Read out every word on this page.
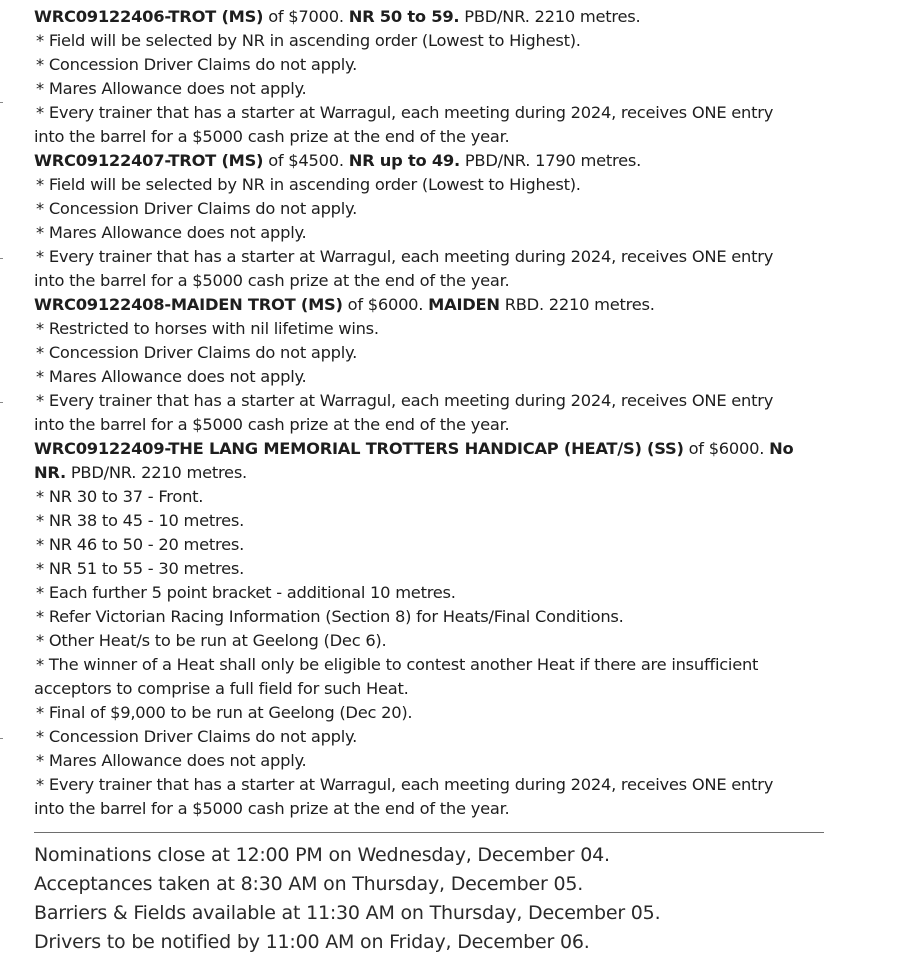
WRC09122406-TROT (MS) of $7000. NR 50 to 59. PBD/NR. 2210 metres.
* Field will be selected by NR in ascending order (Lowest to Highest).
* Concession Driver Claims do not apply.
* Mares Allowance does not apply.
* Every trainer that has a starter at Warragul, each meeting during 2024, receives ONE entry
into the barrel for a $5000 cash prize at the end of the year.
WRC09122407-TROT (MS) of $4500. NR up to 49. PBD/NR. 1790 metres.
* Field will be selected by NR in ascending order (Lowest to Highest).
* Concession Driver Claims do not apply.
* Mares Allowance does not apply.
* Every trainer that has a starter at Warragul, each meeting during 2024, receives ONE entry
into the barrel for a $5000 cash prize at the end of the year.
WRC09122408-MAIDEN TROT (MS) of $6000. MAIDEN RBD. 2210 metres.
* Restricted to horses with nil lifetime wins.
* Concession Driver Claims do not apply.
* Mares Allowance does not apply.
* Every trainer that has a starter at Warragul, each meeting during 2024, receives ONE entry
into the barrel for a $5000 cash prize at the end of the year.
WRC09122409-THE LANG MEMORIAL TROTTERS HANDICAP (HEAT/S) (SS) of $6000. No
NR. PBD/NR. 2210 metres.
* NR 30 to 37 - Front.
* NR 38 to 45 - 10 metres.
* NR 46 to 50 - 20 metres.
* NR 51 to 55 - 30 metres.
* Each further 5 point bracket - additional 10 metres.
* Refer Victorian Racing Information (Section 8) for Heats/Final Conditions.
* Other Heat/s to be run at Geelong (Dec 6).
* The winner of a Heat shall only be eligible to contest another Heat if there are insufficient
acceptors to comprise a full field for such Heat.
* Final of $9,000 to be run at Geelong (Dec 20).
* Concession Driver Claims do not apply.
* Mares Allowance does not apply.
* Every trainer that has a starter at Warragul, each meeting during 2024, receives ONE entry
into the barrel for a $5000 cash prize at the end of the year.
Nominations close at 12:00 PM on Wednesday, December 04.
Acceptances taken at 8:30 AM on Thursday, December 05.
Barriers & Fields available at 11:30 AM on Thursday, December 05.
Drivers to be notified by 11:00 AM on Friday, December 06.
